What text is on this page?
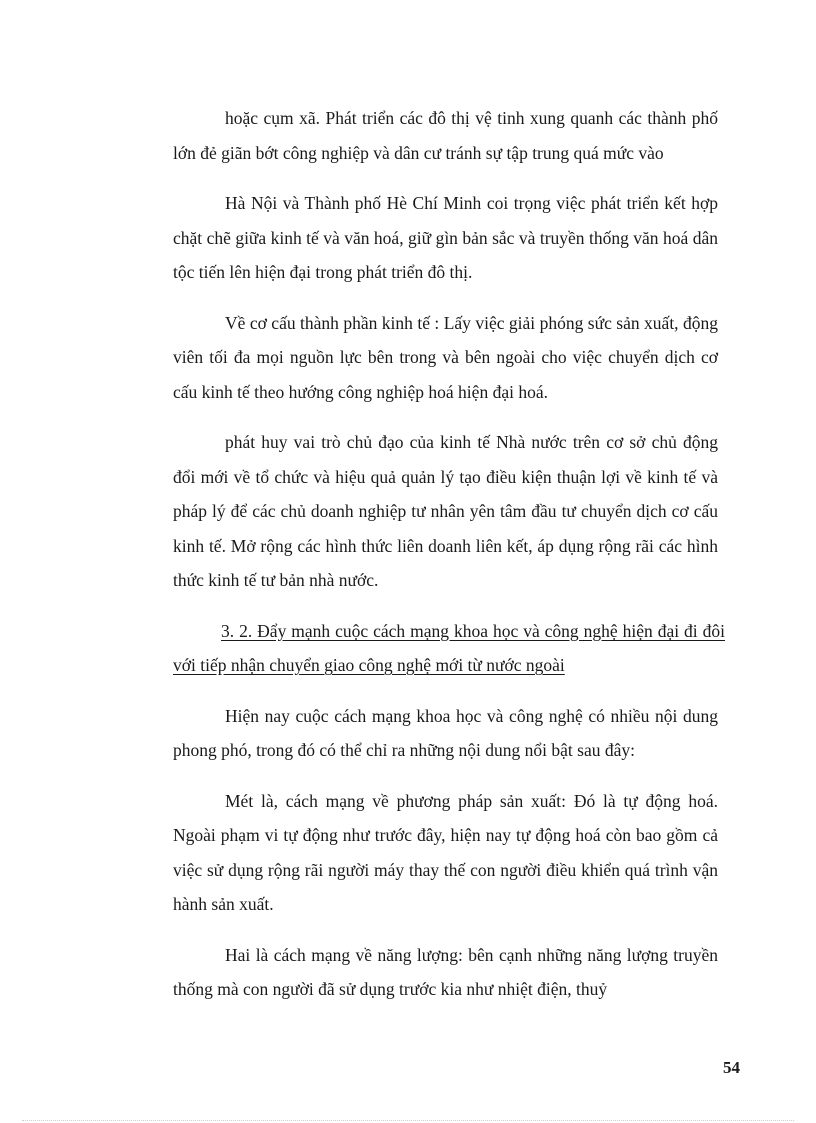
hoặc cụm xã. Phát triển các đô thị vệ tinh xung quanh các thành phố lớn đẻ giãn bớt công nghiệp và dân cư tránh sự tập trung quá mức vào

Hà Nội và Thành phố Hè Chí Minh coi trọng việc phát triển kết hợp chặt chẽ giữa kinh tế và văn hoá, giữ gìn bản sắc và truyền thống văn hoá dân tộc tiến lên hiện đại trong phát triển đô thị.

Về cơ cấu thành phần kinh tế : Lấy việc giải phóng sức sản xuất, động viên tối đa mọi nguồn lực bên trong và bên ngoài cho việc chuyển dịch cơ cấu kinh tế theo hướng công nghiệp hoá hiện đại hoá.

phát huy vai trò chủ đạo của kinh tế Nhà nước trên cơ sở chủ động đổi mới về tổ chức và hiệu quả quản lý tạo điều kiện thuận lợi về kinh tế và pháp lý để các chủ doanh nghiệp tư nhân yên tâm đầu tư chuyển dịch cơ cấu kinh tế. Mở rộng các hình thức liên doanh liên kết, áp dụng rộng rãi các hình thức kinh tế tư bản nhà nước.

3. 2. Đẩy mạnh cuộc cách mạng khoa học và công nghệ hiện đại đi đôi với tiếp nhận chuyển giao công nghệ mới từ nước ngoài

Hiện nay cuộc cách mạng khoa học và công nghệ có nhiều nội dung phong phó, trong đó có thể chỉ ra những nội dung nổi bật sau đây:

Mét là, cách mạng về phương pháp sản xuất: Đó là tự động hoá. Ngoài phạm vi tự động như trước đây, hiện nay tự động hoá còn bao gồm cả việc sử dụng rộng rãi người máy thay thế con người điều khiển quá trình vận hành sản xuất.

Hai là cách mạng về năng lượng: bên cạnh những năng lượng truyền thống mà con người đã sử dụng trước kia như nhiệt điện, thuỷ

54
